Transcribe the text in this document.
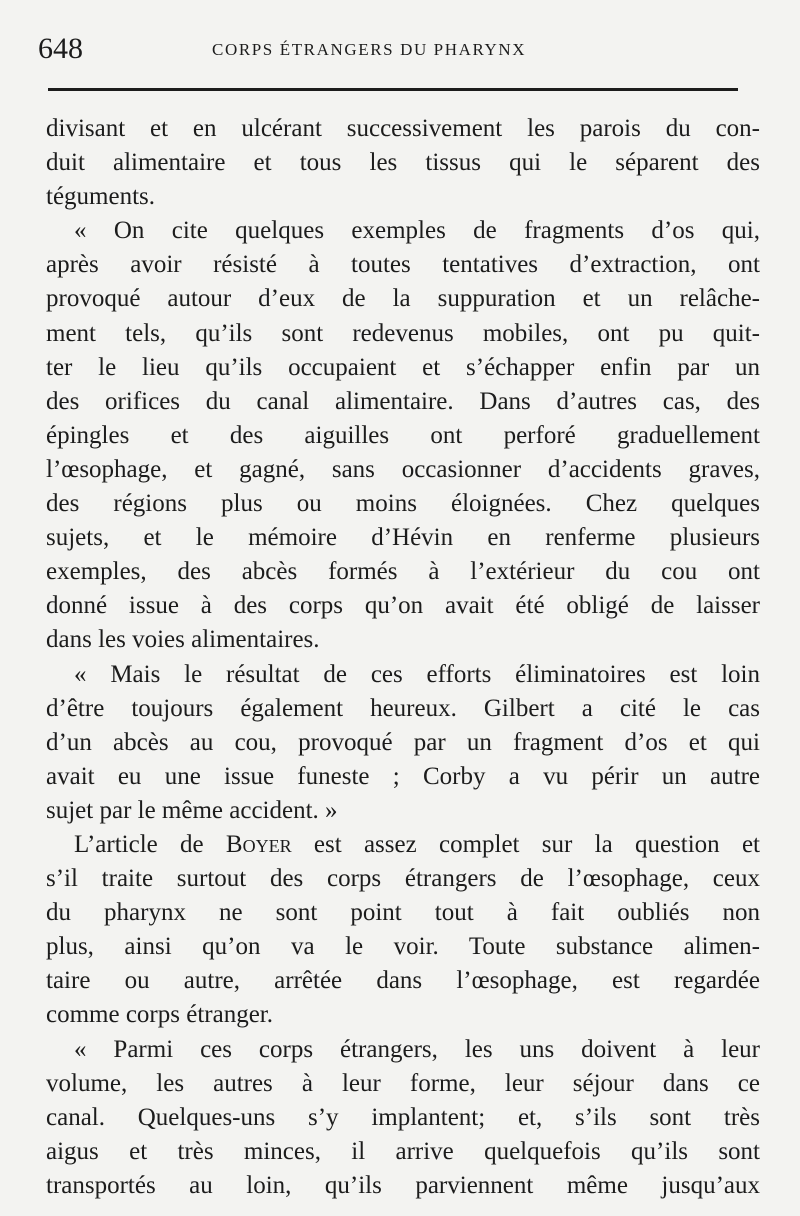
648	CORPS ÉTRANGERS DU PHARYNX
divisant et en ulcérant successivement les parois du con-
duit alimentaire et tous les tissus qui le séparent des
téguments.
« On cite quelques exemples de fragments d’os qui,
après avoir résisté à toutes tentatives d’extraction, ont
provoqué autour d’eux de la suppuration et un relâche-
ment tels, qu’ils sont redevenus mobiles, ont pu quit-
ter le lieu qu’ils occupaient et s’échapper enfin par un
des orifices du canal alimentaire. Dans d’autres cas, des
épingles et des aiguilles ont perforé graduellement
l’œsophage, et gagné, sans occasionner d’accidents graves,
des régions plus ou moins éloignées. Chez quelques
sujets, et le mémoire d’Hévin en renferme plusieurs
exemples, des abcès formés à l’extérieur du cou ont
donné issue à des corps qu’on avait été obligé de laisser
dans les voies alimentaires.
« Mais le résultat de ces efforts éliminatoires est loin
d’être toujours également heureux. Gilbert a cité le cas
d’un abcès au cou, provoqué par un fragment d’os et qui
avait eu une issue funeste ; Corby a vu périr un autre
sujet par le même accident. »
L’article de Boyer est assez complet sur la question et
s’il traite surtout des corps étrangers de l’œsophage, ceux
du pharynx ne sont point tout à fait oubliés non
plus, ainsi qu’on va le voir. Toute substance alimen-
taire ou autre, arrêtée dans l’œsophage, est regardée
comme corps étranger.
« Parmi ces corps étrangers, les uns doivent à leur
volume, les autres à leur forme, leur séjour dans ce
canal. Quelques-uns s’y implantent; et, s’ils sont très
aigus et très minces, il arrive quelquefois qu’ils sont
transportés au loin, qu’ils parviennent même jusqu’aux
